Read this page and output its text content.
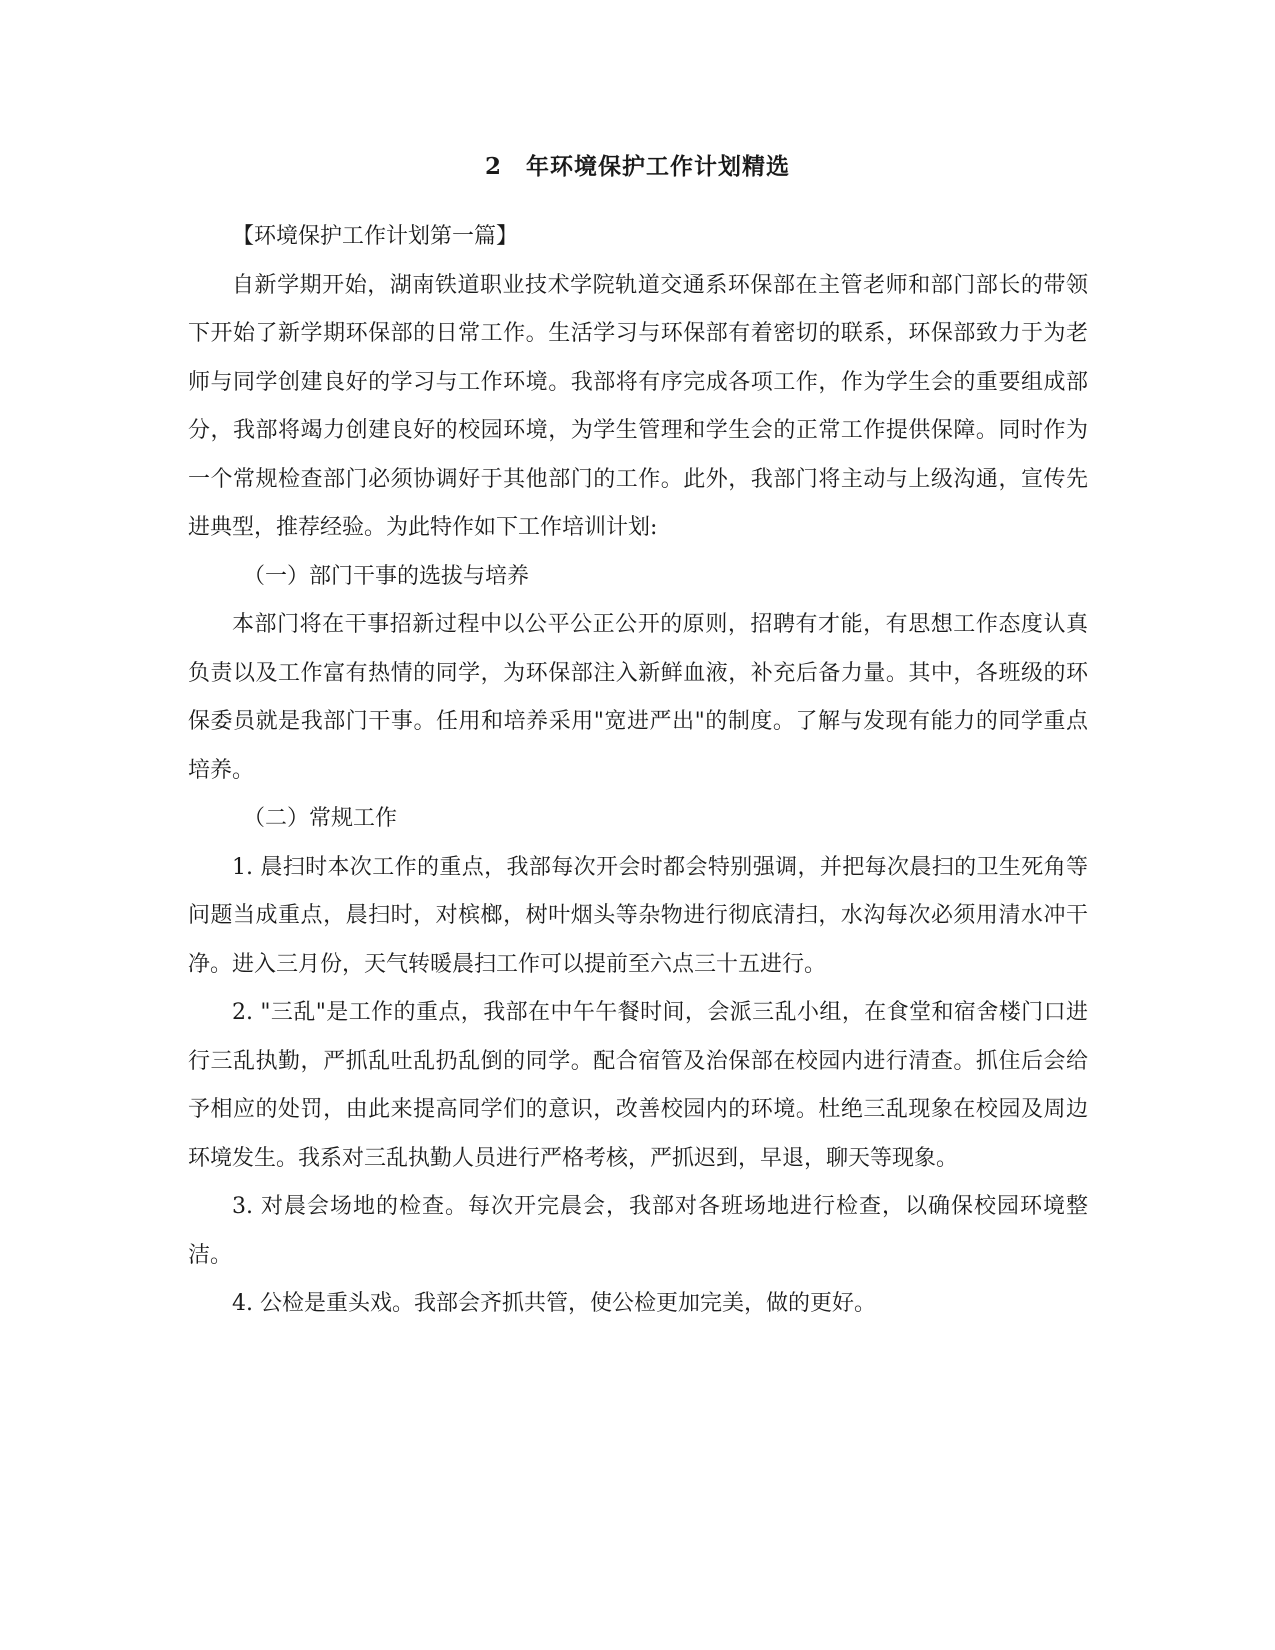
2　年环境保护工作计划精选

【环境保护工作计划第一篇】

自新学期开始，湖南铁道职业技术学院轨道交通系环保部在主管老师和部门部长的带领下开始了新学期环保部的日常工作。生活学习与环保部有着密切的联系，环保部致力于为老师与同学创建良好的学习与工作环境。我部将有序完成各项工作，作为学生会的重要组成部分，我部将竭力创建良好的校园环境，为学生管理和学生会的正常工作提供保障。同时作为一个常规检查部门必须协调好于其他部门的工作。此外，我部门将主动与上级沟通，宣传先进典型，推荐经验。为此特作如下工作培训计划:

（一）部门干事的选拔与培养

本部门将在干事招新过程中以公平公正公开的原则，招聘有才能，有思想工作态度认真负责以及工作富有热情的同学，为环保部注入新鲜血液，补充后备力量。其中，各班级的环保委员就是我部门干事。任用和培养采用"宽进严出"的制度。了解与发现有能力的同学重点培养。

（二）常规工作

1. 晨扫时本次工作的重点，我部每次开会时都会特别强调，并把每次晨扫的卫生死角等问题当成重点，晨扫时，对槟榔，树叶烟头等杂物进行彻底清扫，水沟每次必须用清水冲干净。进入三月份，天气转暖晨扫工作可以提前至六点三十五进行。

2. "三乱"是工作的重点，我部在中午午餐时间，会派三乱小组，在食堂和宿舍楼门口进行三乱执勤，严抓乱吐乱扔乱倒的同学。配合宿管及治保部在校园内进行清查。抓住后会给予相应的处罚，由此来提高同学们的意识，改善校园内的环境。杜绝三乱现象在校园及周边环境发生。我系对三乱执勤人员进行严格考核，严抓迟到，早退，聊天等现象。

3. 对晨会场地的检查。每次开完晨会，我部对各班场地进行检查，以确保校园环境整洁。

4. 公检是重头戏。我部会齐抓共管，使公检更加完美，做的更好。
